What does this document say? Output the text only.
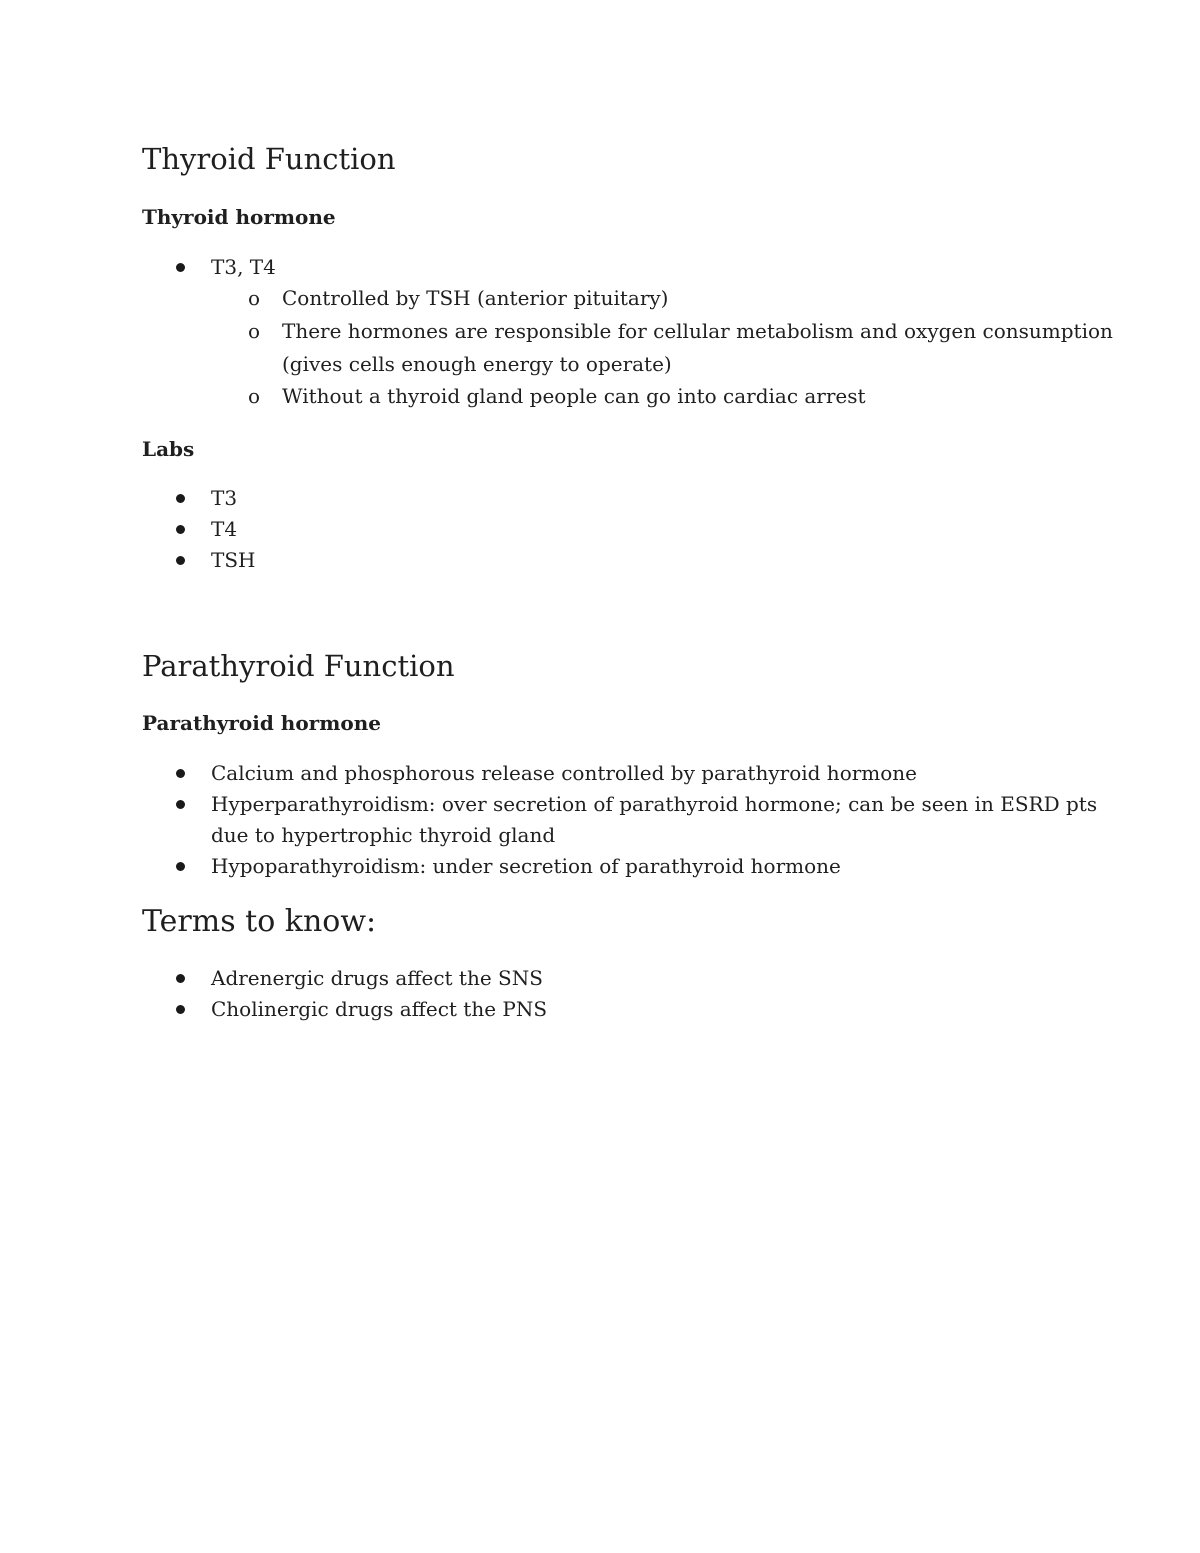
Thyroid Function
Thyroid hormone
T3, T4
o Controlled by TSH (anterior pituitary)
o There hormones are responsible for cellular metabolism and oxygen consumption
(gives cells enough energy to operate)
o Without a thyroid gland people can go into cardiac arrest
Labs
T3
T4
TSH
Parathyroid Function
Parathyroid hormone
Calcium and phosphorous release controlled by parathyroid hormone
Hyperparathyroidism: over secretion of parathyroid hormone; can be seen in ESRD pts
due to hypertrophic thyroid gland
Hypoparathyroidism: under secretion of parathyroid hormone
Terms to know:
Adrenergic drugs affect the SNS
Cholinergic drugs affect the PNS
